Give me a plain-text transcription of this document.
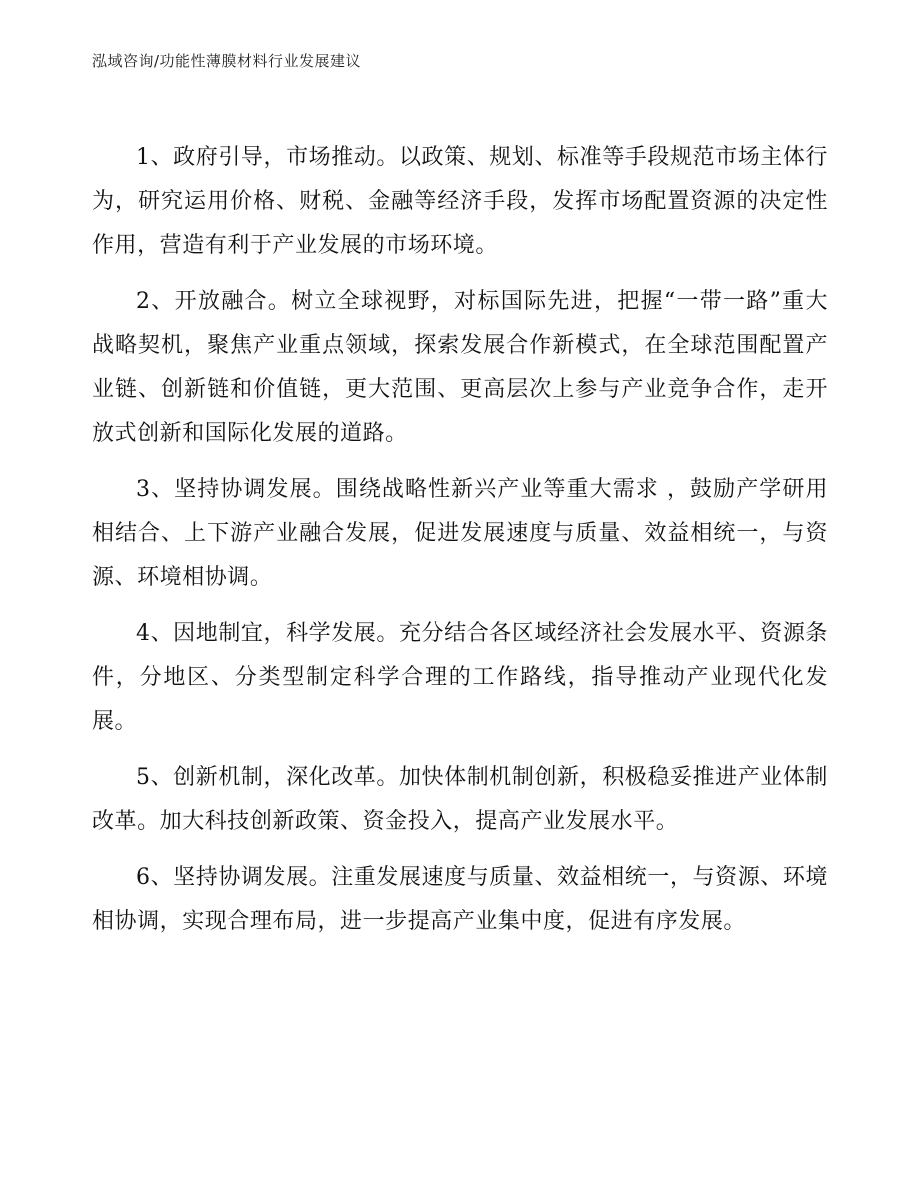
泓域咨询/功能性薄膜材料行业发展建议

1、政府引导，市场推动。以政策、规划、标准等手段规范市场主体行为，研究运用价格、财税、金融等经济手段，发挥市场配置资源的决定性作用，营造有利于产业发展的市场环境。

2、开放融合。树立全球视野，对标国际先进，把握“一带一路”重大战略契机，聚焦产业重点领域，探索发展合作新模式，在全球范围配置产业链、创新链和价值链，更大范围、更高层次上参与产业竞争合作，走开放式创新和国际化发展的道路。

3、坚持协调发展。围绕战略性新兴产业等重大需求 ，鼓励产学研用相结合、上下游产业融合发展，促进发展速度与质量、效益相统一，与资源、环境相协调。

4、因地制宜，科学发展。充分结合各区域经济社会发展水平、资源条件，分地区、分类型制定科学合理的工作路线，指导推动产业现代化发展。

5、创新机制，深化改革。加快体制机制创新，积极稳妥推进产业体制改革。加大科技创新政策、资金投入，提高产业发展水平。

6、坚持协调发展。注重发展速度与质量、效益相统一，与资源、环境相协调，实现合理布局，进一步提高产业集中度，促进有序发展。
